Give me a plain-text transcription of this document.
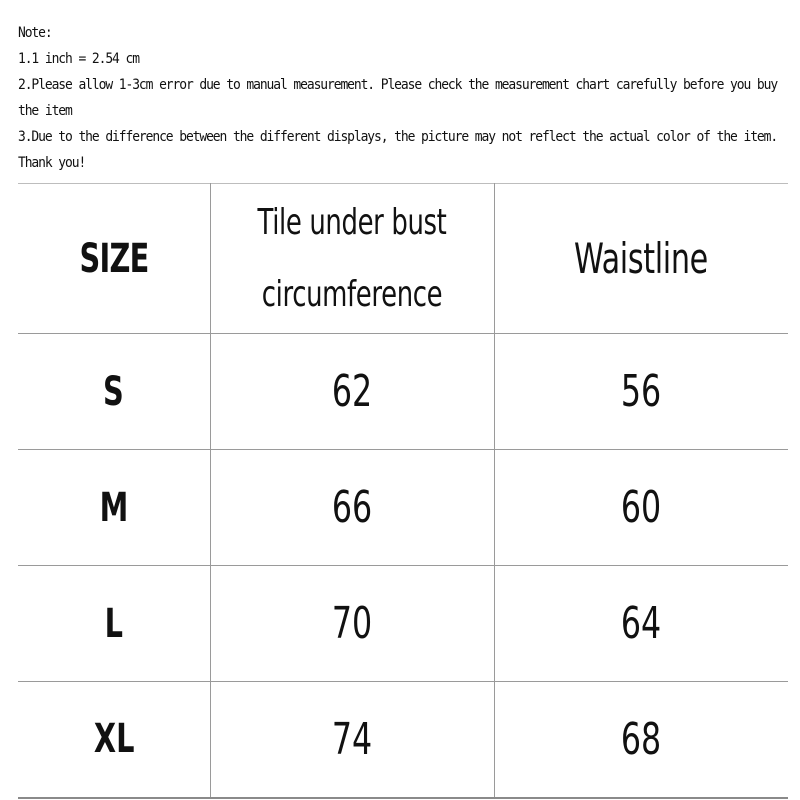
Note:
1.1 inch = 2.54 cm
2.Please allow 1-3cm error due to manual measurement. Please check the measurement chart carefully before you buy the item
3.Due to the difference between the different displays, the picture may not reflect the actual color of the item. Thank you!
SIZE	Tile under bust circumference	Waistline
S	62	56
M	66	60
L	70	64
XL	74	68
